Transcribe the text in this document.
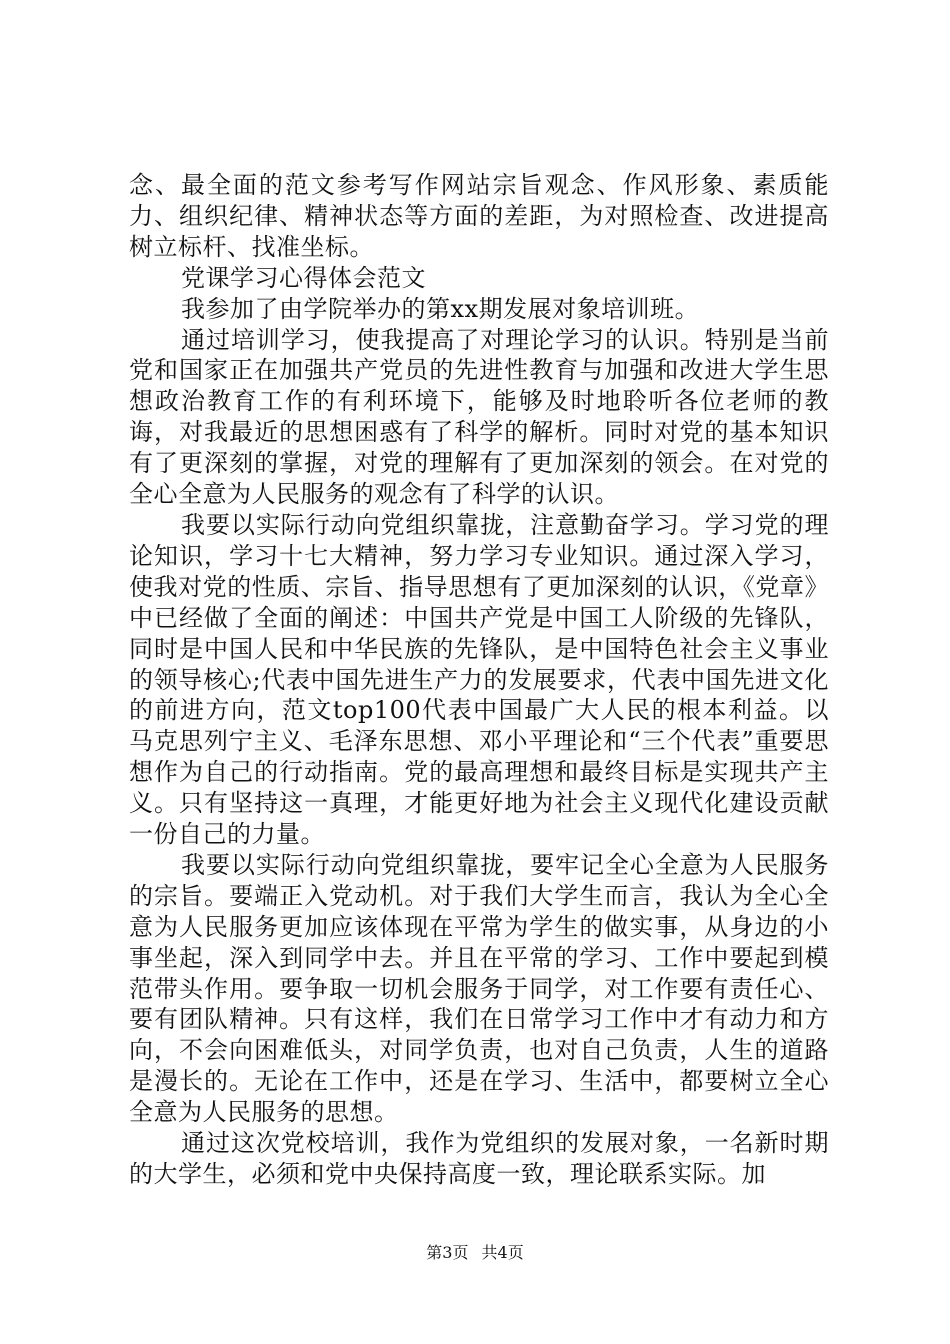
念、最全面的范文参考写作网站宗旨观念、作风形象、素质能力、组织纪律、精神状态等方面的差距，为对照检查、改进提高树立标杆、找准坐标。

党课学习心得体会范文

我参加了由学院举办的第xx期发展对象培训班。

通过培训学习，使我提高了对理论学习的认识。特别是当前党和国家正在加强共产党员的先进性教育与加强和改进大学生思想政治教育工作的有利环境下，能够及时地聆听各位老师的教诲，对我最近的思想困惑有了科学的解析。同时对党的基本知识有了更深刻的掌握，对党的理解有了更加深刻的领会。在对党的全心全意为人民服务的观念有了科学的认识。

我要以实际行动向党组织靠拢，注意勤奋学习。学习党的理论知识，学习十七大精神，努力学习专业知识。通过深入学习，使我对党的性质、宗旨、指导思想有了更加深刻的认识，《党章》中已经做了全面的阐述：中国共产党是中国工人阶级的先锋队，同时是中国人民和中华民族的先锋队，是中国特色社会主义事业的领导核心;代表中国先进生产力的发展要求，代表中国先进文化的前进方向，范文top100代表中国最广大人民的根本利益。以马克思列宁主义、毛泽东思想、邓小平理论和“三个代表”重要思想作为自己的行动指南。党的最高理想和最终目标是实现共产主义。只有坚持这一真理，才能更好地为社会主义现代化建设贡献一份自己的力量。

我要以实际行动向党组织靠拢，要牢记全心全意为人民服务的宗旨。要端正入党动机。对于我们大学生而言，我认为全心全意为人民服务更加应该体现在平常为学生的做实事，从身边的小事坐起，深入到同学中去。并且在平常的学习、工作中要起到模范带头作用。要争取一切机会服务于同学，对工作要有责任心、要有团队精神。只有这样，我们在日常学习工作中才有动力和方向，不会向困难低头，对同学负责，也对自己负责，人生的道路是漫长的。无论在工作中，还是在学习、生活中，都要树立全心全意为人民服务的思想。

通过这次党校培训，我作为党组织的发展对象，一名新时期的大学生，必须和党中央保持高度一致，理论联系实际。加

第3页 共4页
